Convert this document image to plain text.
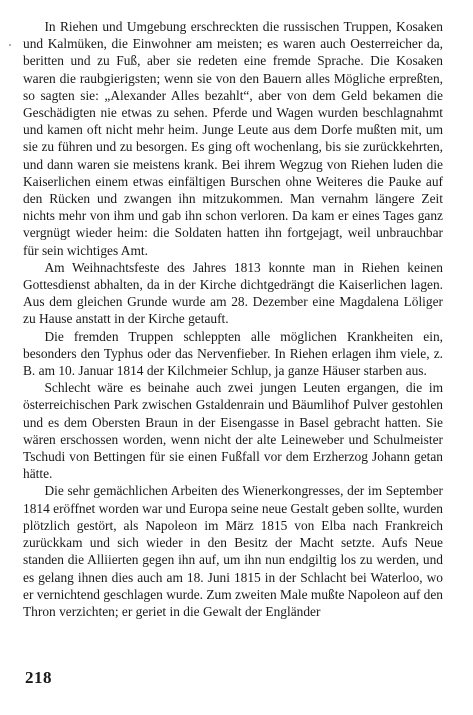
In Riehen und Umgebung erschreckten die russischen Truppen, Kosaken und Kalmüken, die Einwohner am meisten; es waren auch Oesterreicher da, beritten und zu Fuß, aber sie redeten eine fremde Sprache. Die Kosaken waren die raubgierigsten; wenn sie von den Bauern alles Mögliche erpreßten, so sagten sie: „Alexander Alles bezahlt“, aber von dem Geld bekamen die Geschädigten nie etwas zu sehen. Pferde und Wagen wurden beschlagnahmt und kamen oft nicht mehr heim. Junge Leute aus dem Dorfe mußten mit, um sie zu führen und zu besorgen. Es ging oft wochenlang, bis sie zurückkehrten, und dann waren sie meistens krank. Bei ihrem Wegzug von Riehen luden die Kaiserlichen einem etwas einfältigen Burschen ohne Weiteres die Pauke auf den Rücken und zwangen ihn mitzukommen. Man vernahm längere Zeit nichts mehr von ihm und gab ihn schon verloren. Da kam er eines Tages ganz vergnügt wieder heim: die Soldaten hatten ihn fortgejagt, weil unbrauchbar für sein wichtiges Amt.

Am Weihnachtsfeste des Jahres 1813 konnte man in Riehen keinen Gottesdienst abhalten, da in der Kirche dichtgedrängt die Kaiserlichen lagen. Aus dem gleichen Grunde wurde am 28. Dezember eine Magdalena Löliger zu Hause anstatt in der Kirche getauft.

Die fremden Truppen schleppten alle möglichen Krankheiten ein, besonders den Typhus oder das Nervenfieber. In Riehen erlagen ihm viele, z. B. am 10. Januar 1814 der Kilchmeier Schlup, ja ganze Häuser starben aus.

Schlecht wäre es beinahe auch zwei jungen Leuten ergangen, die im österreichischen Park zwischen Gstaldenrain und Bäumlihof Pulver gestohlen und es dem Obersten Braun in der Eisengasse in Basel gebracht hatten. Sie wären erschossen worden, wenn nicht der alte Leineweber und Schulmeister Tschudi von Bettingen für sie einen Fußfall vor dem Erzherzog Johann getan hätte.

Die sehr gemächlichen Arbeiten des Wienerkongresses, der im September 1814 eröffnet worden war und Europa seine neue Gestalt geben sollte, wurden plötzlich gestört, als Napoleon im März 1815 von Elba nach Frankreich zurückkam und sich wieder in den Besitz der Macht setzte. Aufs Neue standen die Alliierten gegen ihn auf, um ihn nun endgiltig los zu werden, und es gelang ihnen dies auch am 18. Juni 1815 in der Schlacht bei Waterloo, wo er vernichtend geschlagen wurde. Zum zweiten Male mußte Napoleon auf den Thron verzichten; er geriet in die Gewalt der Engländer

218
